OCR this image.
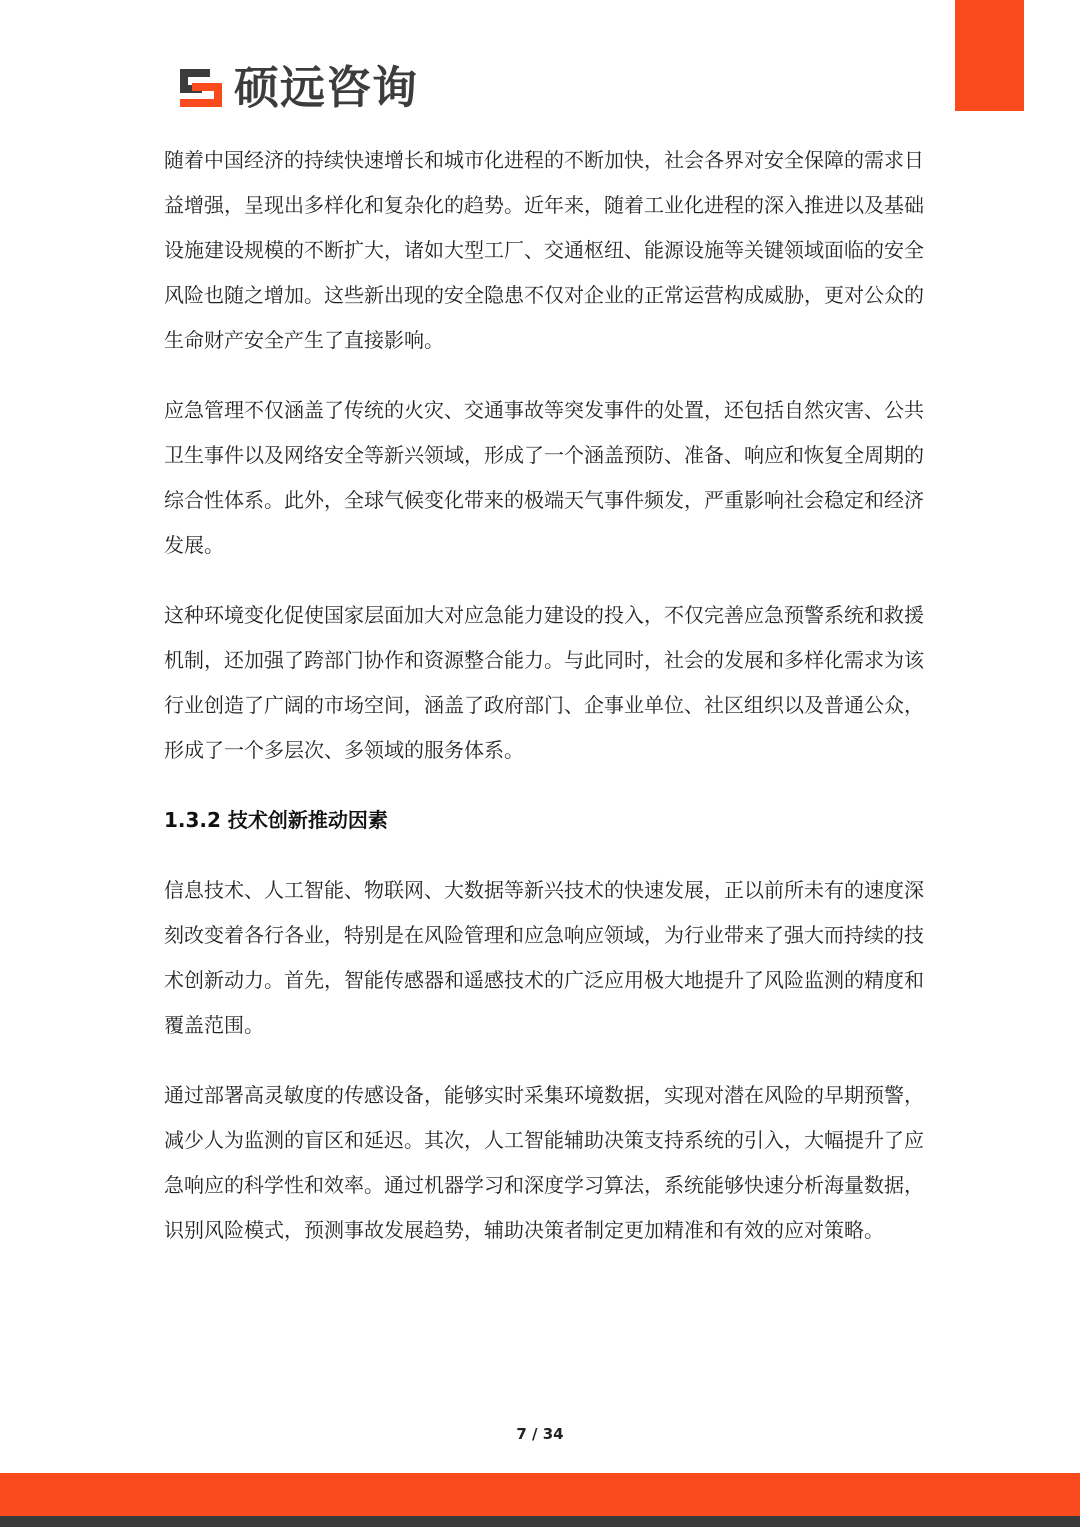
硕远咨询

随着中国经济的持续快速增长和城市化进程的不断加快，社会各界对安全保障的需求日益增强，呈现出多样化和复杂化的趋势。近年来，随着工业化进程的深入推进以及基础设施建设规模的不断扩大，诸如大型工厂、交通枢纽、能源设施等关键领域面临的安全风险也随之增加。这些新出现的安全隐患不仅对企业的正常运营构成威胁，更对公众的生命财产安全产生了直接影响。

应急管理不仅涵盖了传统的火灾、交通事故等突发事件的处置，还包括自然灾害、公共卫生事件以及网络安全等新兴领域，形成了一个涵盖预防、准备、响应和恢复全周期的综合性体系。此外，全球气候变化带来的极端天气事件频发，严重影响社会稳定和经济发展。

这种环境变化促使国家层面加大对应急能力建设的投入，不仅完善应急预警系统和救援机制，还加强了跨部门协作和资源整合能力。与此同时，社会的发展和多样化需求为该行业创造了广阔的市场空间，涵盖了政府部门、企事业单位、社区组织以及普通公众，形成了一个多层次、多领域的服务体系。

1.3.2 技术创新推动因素

信息技术、人工智能、物联网、大数据等新兴技术的快速发展，正以前所未有的速度深刻改变着各行各业，特别是在风险管理和应急响应领域，为行业带来了强大而持续的技术创新动力。首先，智能传感器和遥感技术的广泛应用极大地提升了风险监测的精度和覆盖范围。

通过部署高灵敏度的传感设备，能够实时采集环境数据，实现对潜在风险的早期预警，减少人为监测的盲区和延迟。其次，人工智能辅助决策支持系统的引入，大幅提升了应急响应的科学性和效率。通过机器学习和深度学习算法，系统能够快速分析海量数据，识别风险模式，预测事故发展趋势，辅助决策者制定更加精准和有效的应对策略。

7 / 34
